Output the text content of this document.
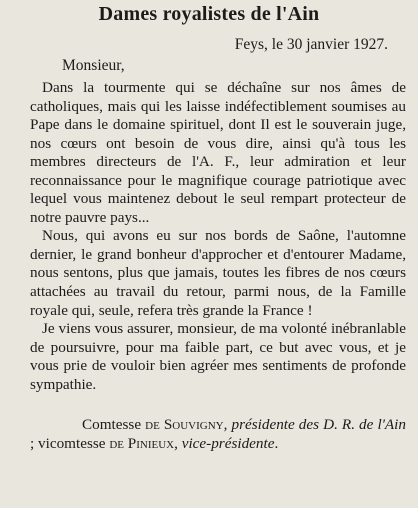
Dames royalistes de l'Ain
Feys, le 30 janvier 1927.
Monsieur,

Dans la tourmente qui se déchaîne sur nos âmes de catholiques, mais qui les laisse indéfectiblement soumises au Pape dans le domaine spirituel, dont Il est le souverain juge, nos cœurs ont besoin de vous dire, ainsi qu'à tous les membres directeurs de l'A. F., leur admiration et leur reconnaissance pour le magnifique courage patriotique avec lequel vous maintenez debout le seul rempart protecteur de notre pauvre pays...

Nous, qui avons eu sur nos bords de Saône, l'automne dernier, le grand bonheur d'approcher et d'entourer Madame, nous sentons, plus que jamais, toutes les fibres de nos cœurs attachées au travail du retour, parmi nous, de la Famille royale qui, seule, refera très grande la France !

Je viens vous assurer, monsieur, de ma volonté inébranlable de poursuivre, pour ma faible part, ce but avec vous, et je vous prie de vouloir bien agréer mes sentiments de profonde sympathie.

Comtesse de Souvigny, présidente des D. R. de l'Ain ; vicomtesse de Pinieux, vice-présidente.
